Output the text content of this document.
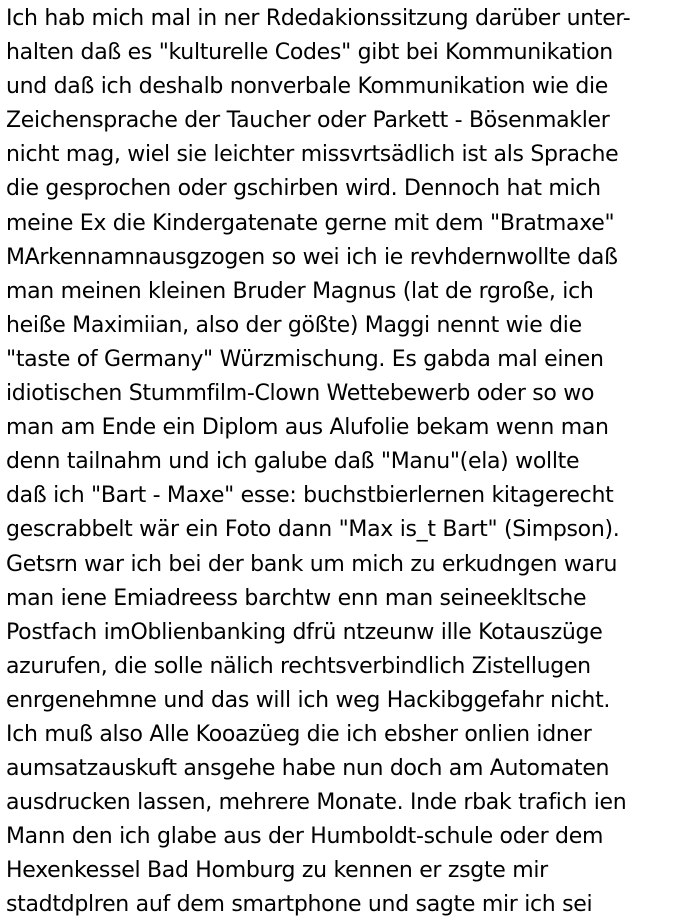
Ich hab mich mal in ner Rdedakionssitzung darüber unter-
halten daß es "kulturelle Codes" gibt bei Kommunikation
und daß ich deshalb nonverbale Kommunikation wie die
Zeichensprache der Taucher oder Parkett - Bösenmakler
nicht mag, wiel sie leichter missvrtsädlich ist als Sprache
die gesprochen oder gschirben wird. Dennoch hat mich
meine Ex die Kindergatenate gerne mit dem "Bratmaxe"
MArkennamnausgzogen so wei ich ie revhdernwollte daß
man meinen kleinen Bruder Magnus (lat de rgroße, ich
heiße Maximiian, also der gößte) Maggi nennt wie die
"taste of Germany" Würzmischung. Es gabda mal einen
idiotischen Stummfilm-Clown Wettebewerb oder so wo
man am Ende ein Diplom aus Alufolie bekam wenn man
denn tailnahm und ich galube daß "Manu"(ela) wollte
daß ich "Bart - Maxe" esse: buchstbierlernen kitagerecht
gescrabbelt wär ein Foto dann "Max is_t Bart" (Simpson).
Getsrn war ich bei der bank um mich zu erkudngen waru
man iene Emiadreess barchtw enn man seineekltsche
Postfach imOblienbanking dfrü ntzeunw ille Kotauszüge
azurufen, die solle nälich rechtsverbindlich Zistellugen
enrgenehmne und das will ich weg Hackibggefahr nicht.
Ich muß also Alle Kooazüeg die ich ebsher onlien idner
aumsatzauskuft ansgehe habe nun doch am Automaten
ausdrucken lassen, mehrere Monate. Inde rbak trafich ien
Mann den ich glabe aus der Humboldt-schule oder dem
Hexenkessel Bad Homburg zu kennen er zsgte mir
stadtdplren auf dem smartphone und sagte mir ich sei
